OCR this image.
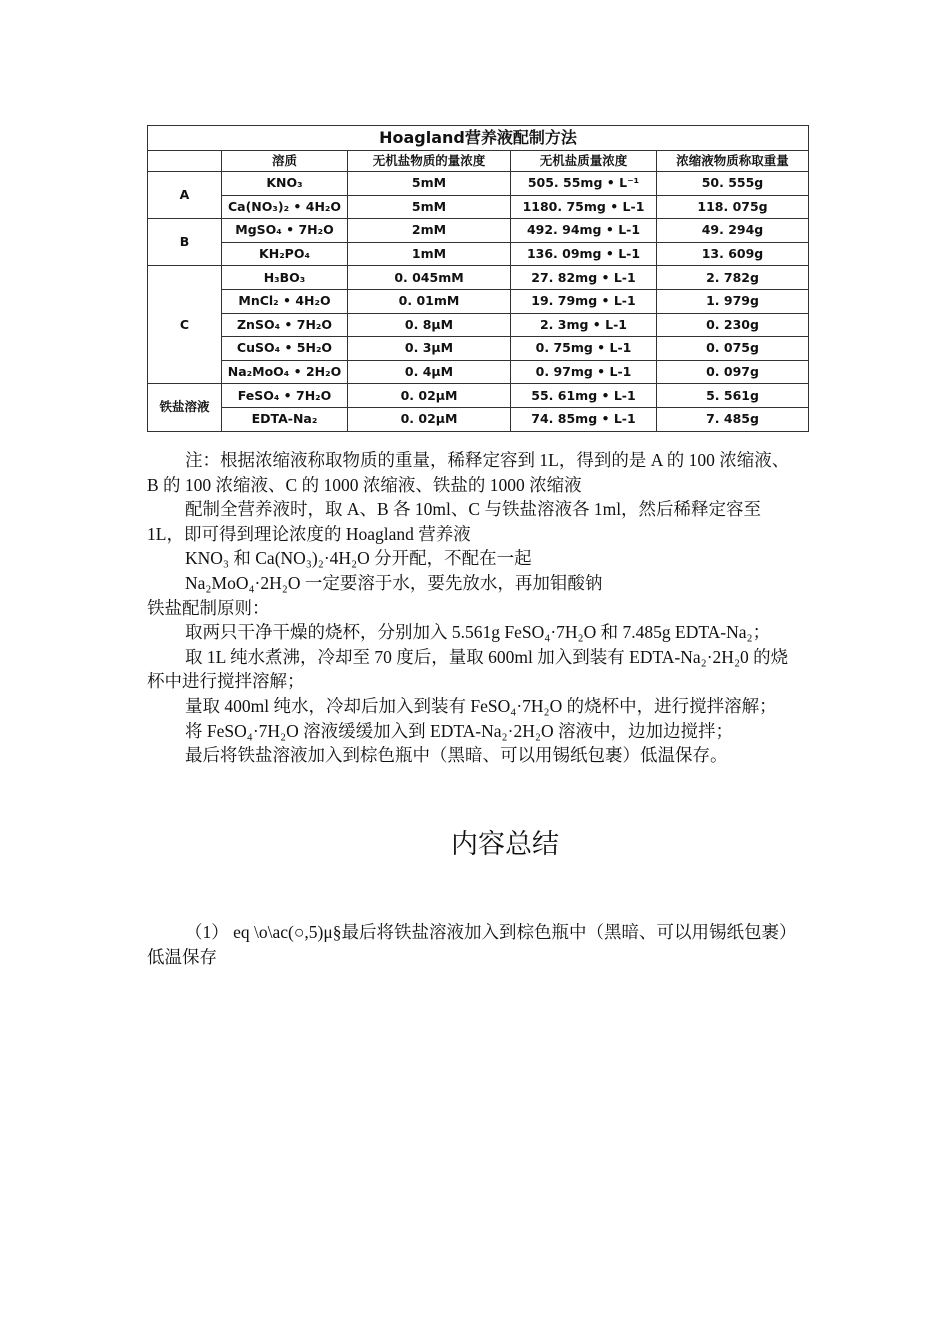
Hoagland营养液配制方法
	溶质	无机盐物质的量浓度	无机盐质量浓度	浓缩液物质称取重量
A	KNO₃	5mM	505. 55mg • L⁻¹	50. 555g
	Ca(NO₃)₂ • 4H₂O	5mM	1180. 75mg • L-1	118. 075g
B	MgSO₄ • 7H₂O	2mM	492. 94mg • L-1	49. 294g
	KH₂PO₄	1mM	136. 09mg • L-1	13. 609g
C	H₃BO₃	0. 045mM	27. 82mg • L-1	2. 782g
	MnCl₂ • 4H₂O	0. 01mM	19. 79mg • L-1	1. 979g
	ZnSO₄ • 7H₂O	0. 8μM	2. 3mg • L-1	0. 230g
	CuSO₄ • 5H₂O	0. 3μM	0. 75mg • L-1	0. 075g
	Na₂MoO₄ • 2H₂O	0. 4μM	0. 97mg • L-1	0. 097g
铁盐溶液	FeSO₄ • 7H₂O	0. 02μM	55. 61mg • L-1	5. 561g
	EDTA-Na₂	0. 02μM	74. 85mg • L-1	7. 485g

注：根据浓缩液称取物质的重量，稀释定容到 1L，得到的是 A 的 100 浓缩液、B 的 100 浓缩液、C 的 1000 浓缩液、铁盐的 1000 浓缩液

配制全营养液时，取 A、B 各 10ml、C 与铁盐溶液各 1ml，然后稀释定容至 1L，即可得到理论浓度的 Hoagland 营养液

KNO₃ 和 Ca(NO₃)₂·4H₂O 分开配，不配在一起

Na₂MoO₄·2H₂O 一定要溶于水，要先放水，再加钼酸钠

铁盐配制原则：

取两只干净干燥的烧杯，分别加入 5.561g FeSO₄·7H₂O 和 7.485g EDTA-Na₂；

取 1L 纯水煮沸，冷却至 70 度后，量取 600ml 加入到装有 EDTA-Na₂·2H₂0 的烧杯中进行搅拌溶解；

量取 400ml 纯水，冷却后加入到装有 FeSO₄·7H₂O 的烧杯中，进行搅拌溶解；

将 FeSO₄·7H₂O 溶液缓缓加入到 EDTA-Na₂·2H₂O 溶液中，边加边搅拌；

最后将铁盐溶液加入到棕色瓶中（黑暗、可以用锡纸包裹）低温保存。

内容总结

（1） eq \o\ac(○,5)μ§最后将铁盐溶液加入到棕色瓶中（黑暗、可以用锡纸包裹）低温保存
